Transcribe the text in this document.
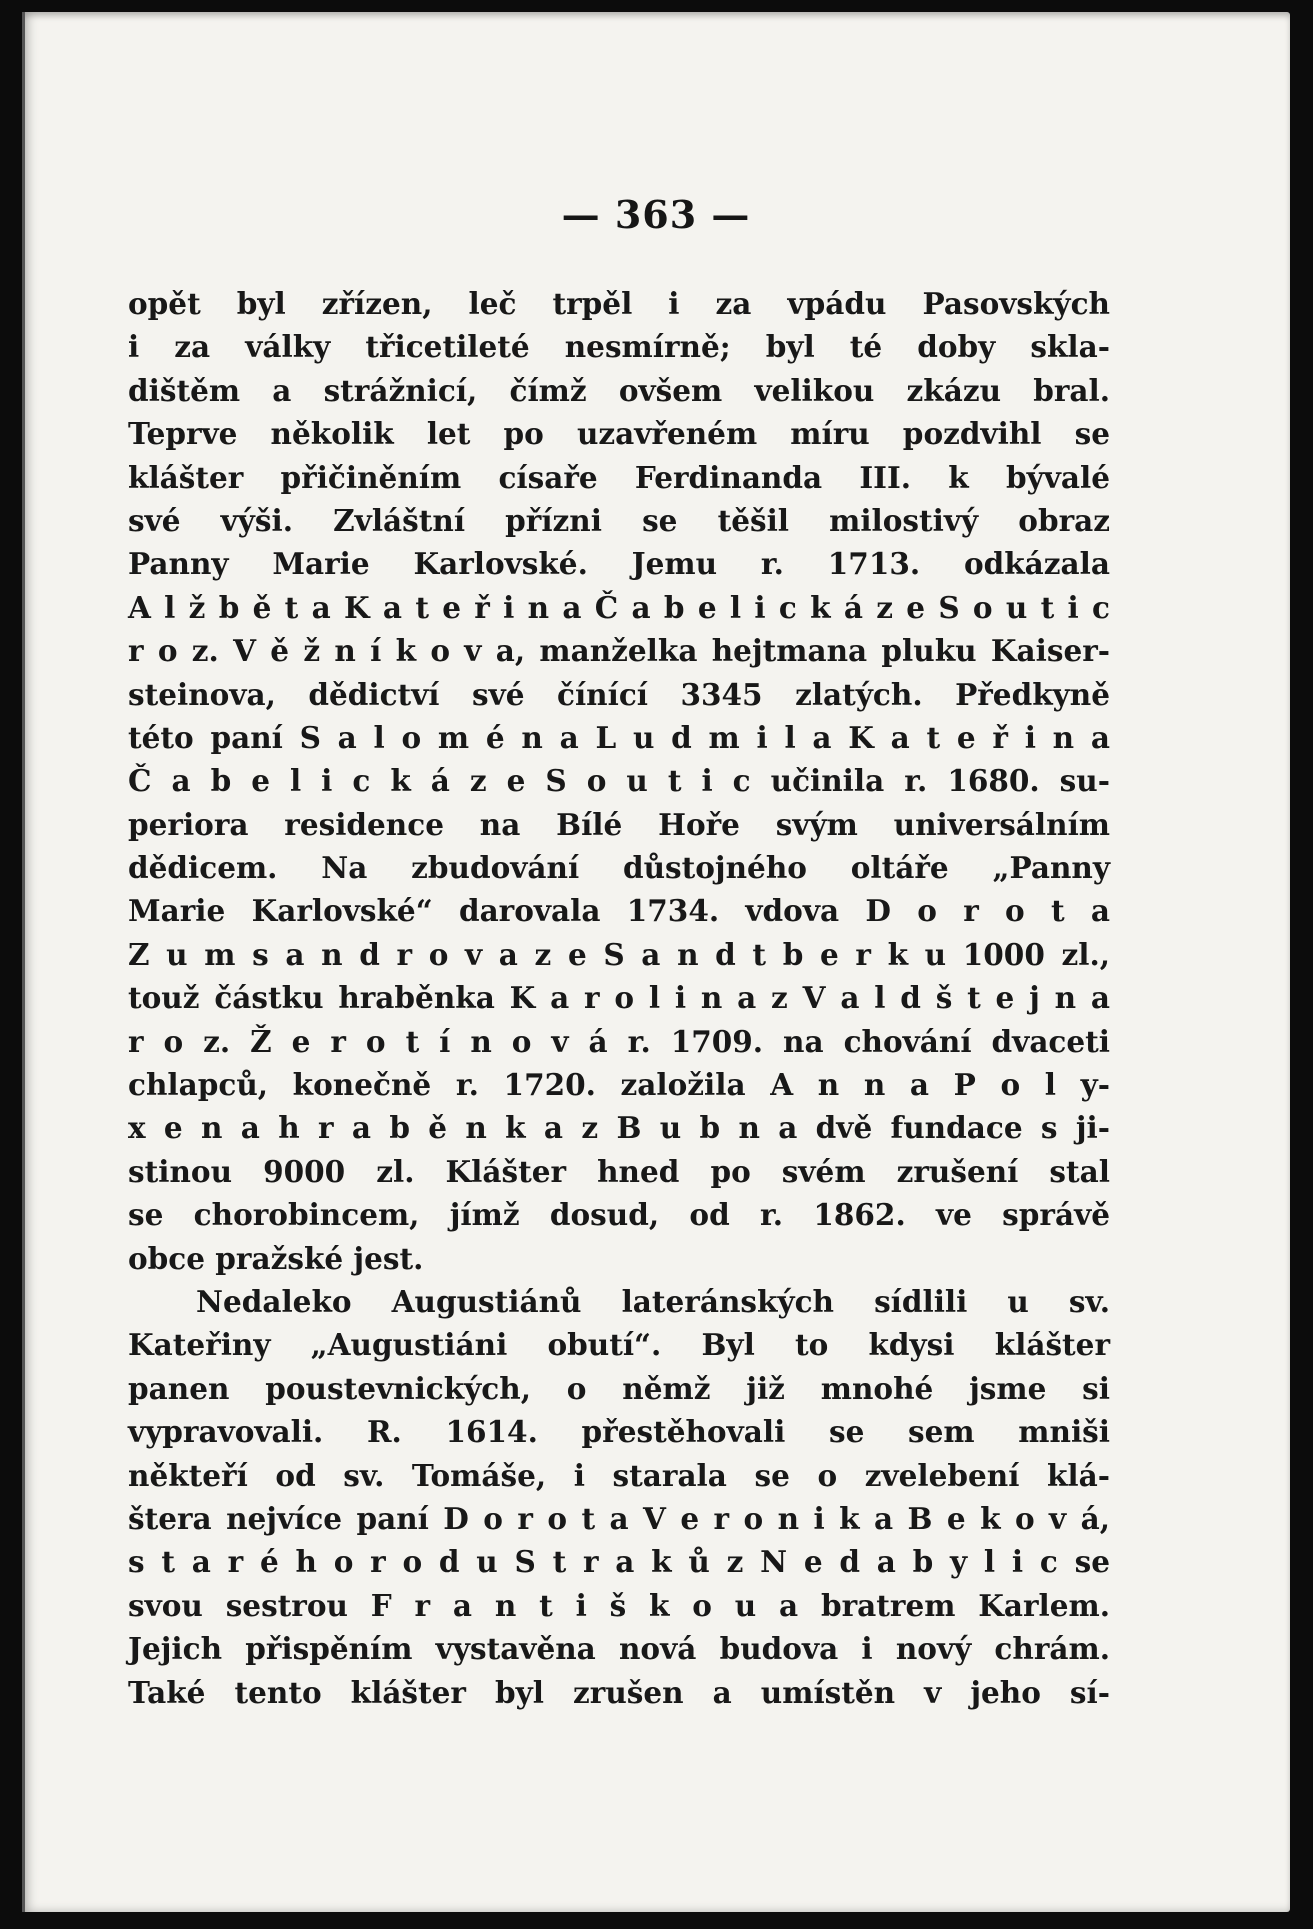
— 363 —
opět byl zřízen, leč trpěl i za vpádu Pasovských
i za války třicetileté nesmírně; byl té doby skla-
dištěm a strážnicí, čímž ovšem velikou zkázu bral.
Teprve několik let po uzavřeném míru pozdvihl se
klášter přičiněním císaře Ferdinanda III. k bývalé
své výši. Zvláštní přízni se těšil milostivý obraz
Panny Marie Karlovské. Jemu r. 1713. odkázala
A l ž b ě t a K a t e ř i n a Č a b e l i c k á z e S o u t i c
r o z. V ě ž n í k o v a, manželka hejtmana pluku Kaiser-
steinova, dědictví své čínící 3345 zlatých. Předkyně
této paní S a l o m é n a L u d m i l a K a t e ř i n a
Č a b e l i c k á z e S o u t i c učinila r. 1680. su-
periora residence na Bílé Hoře svým universálním
dědicem. Na zbudování důstojného oltáře „Panny
Marie Karlovské“ darovala 1734. vdova D o r o t a
Z u m s a n d r o v a z e S a n d t b e r k u 1000 zl.,
touž částku hraběnka K a r o l i n a z V a l d š t e j n a
r o z. Ž e r o t í n o v á r. 1709. na chování dvaceti
chlapců, konečně r. 1720. založila A n n a P o l y-
x e n a h r a b ě n k a z B u b n a dvě fundace s ji-
stinou 9000 zl. Klášter hned po svém zrušení stal
se chorobincem, jímž dosud, od r. 1862. ve správě
obce pražské jest.
Nedaleko Augustiánů lateránských sídlili u sv.
Kateřiny „Augustiáni obutí“. Byl to kdysi klášter
panen poustevnických, o němž již mnohé jsme si
vypravovali. R. 1614. přestěhovali se sem mniši
někteří od sv. Tomáše, i starala se o zvelebení klá-
štera nejvíce paní D o r o t a V e r o n i k a B e k o v á,
s t a r é h o r o d u S t r a k ů z N e d a b y l i c se
svou sestrou F r a n t i š k o u a bratrem Karlem.
Jejich přispěním vystavěna nová budova i nový chrám.
Také tento klášter byl zrušen a umístěn v jeho sí-
